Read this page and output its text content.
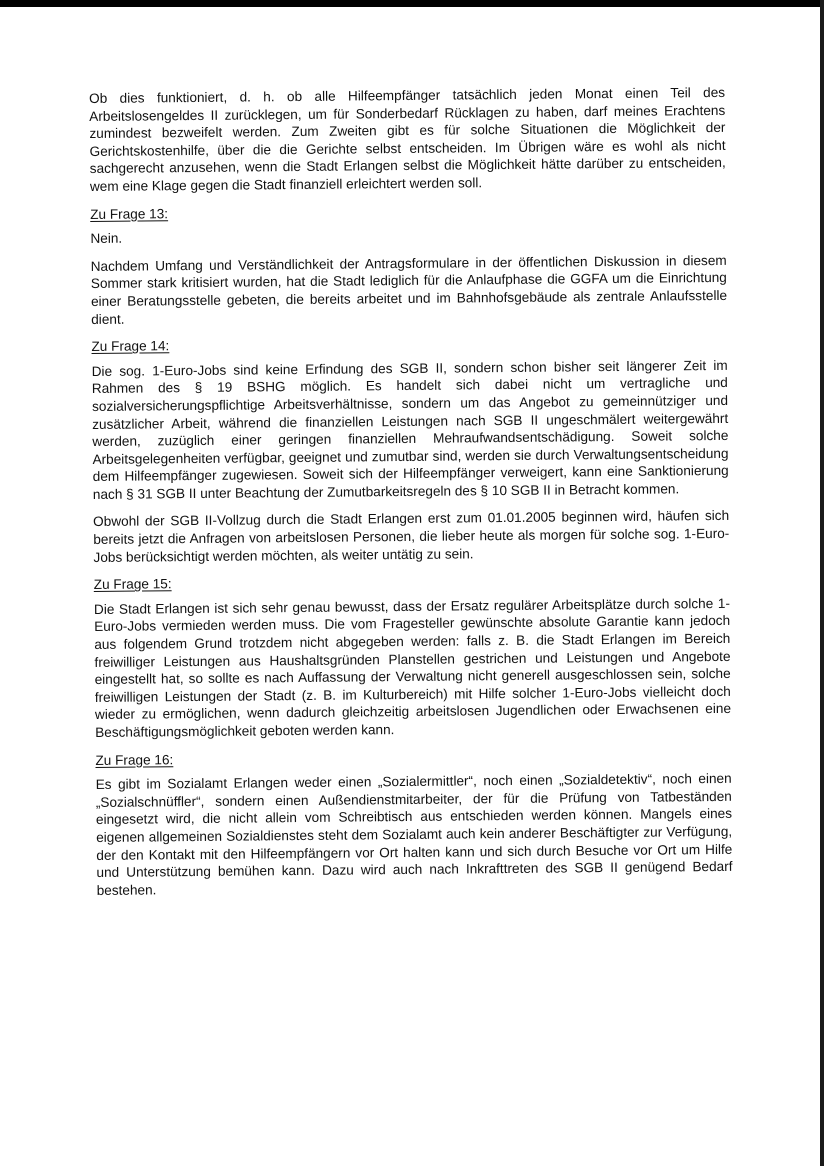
Ob dies funktioniert, d. h. ob alle Hilfeempfänger tatsächlich jeden Monat einen Teil des Arbeitslosengeldes II zurücklegen, um für Sonderbedarf Rücklagen zu haben, darf meines Erachtens zumindest bezweifelt werden. Zum Zweiten gibt es für solche Situationen die Möglichkeit der Gerichtskostenhilfe, über die die Gerichte selbst entscheiden. Im Übrigen wäre es wohl als nicht sachgerecht anzusehen, wenn die Stadt Erlangen selbst die Möglichkeit hätte darüber zu entscheiden, wem eine Klage gegen die Stadt finanziell erleichtert werden soll.

Zu Frage 13:

Nein.

Nachdem Umfang und Verständlichkeit der Antragsformulare in der öffentlichen Diskussion in diesem Sommer stark kritisiert wurden, hat die Stadt lediglich für die Anlaufphase die GGFA um die Einrichtung einer Beratungsstelle gebeten, die bereits arbeitet und im Bahnhofsgebäude als zentrale Anlaufsstelle dient.

Zu Frage 14:

Die sog. 1-Euro-Jobs sind keine Erfindung des SGB II, sondern schon bisher seit längerer Zeit im Rahmen des § 19 BSHG möglich. Es handelt sich dabei nicht um vertragliche und sozialversicherungspflichtige Arbeitsverhältnisse, sondern um das Angebot zu gemeinnütziger und zusätzlicher Arbeit, während die finanziellen Leistungen nach SGB II ungeschmälert weitergewährt werden, zuzüglich einer geringen finanziellen Mehraufwandsentschädigung. Soweit solche Arbeitsgelegenheiten verfügbar, geeignet und zumutbar sind, werden sie durch Verwaltungsentscheidung dem Hilfeempfänger zugewiesen. Soweit sich der Hilfeempfänger verweigert, kann eine Sanktionierung nach § 31 SGB II unter Beachtung der Zumutbarkeitsregeln des § 10 SGB II in Betracht kommen.

Obwohl der SGB II-Vollzug durch die Stadt Erlangen erst zum 01.01.2005 beginnen wird, häufen sich bereits jetzt die Anfragen von arbeitslosen Personen, die lieber heute als morgen für solche sog. 1-Euro-Jobs berücksichtigt werden möchten, als weiter untätig zu sein.

Zu Frage 15:

Die Stadt Erlangen ist sich sehr genau bewusst, dass der Ersatz regulärer Arbeitsplätze durch solche 1-Euro-Jobs vermieden werden muss. Die vom Fragesteller gewünschte absolute Garantie kann jedoch aus folgendem Grund trotzdem nicht abgegeben werden: falls z. B. die Stadt Erlangen im Bereich freiwilliger Leistungen aus Haushaltsgründen Planstellen gestrichen und Leistungen und Angebote eingestellt hat, so sollte es nach Auffassung der Verwaltung nicht generell ausgeschlossen sein, solche freiwilligen Leistungen der Stadt (z. B. im Kulturbereich) mit Hilfe solcher 1-Euro-Jobs vielleicht doch wieder zu ermöglichen, wenn dadurch gleichzeitig arbeitslosen Jugendlichen oder Erwachsenen eine Beschäftigungsmöglichkeit geboten werden kann.

Zu Frage 16:

Es gibt im Sozialamt Erlangen weder einen „Sozialermittler“, noch einen „Sozialdetektiv“, noch einen „Sozialschnüffler“, sondern einen Außendienstmitarbeiter, der für die Prüfung von Tatbeständen eingesetzt wird, die nicht allein vom Schreibtisch aus entschieden werden können. Mangels eines eigenen allgemeinen Sozialdienstes steht dem Sozialamt auch kein anderer Beschäftigter zur Verfügung, der den Kontakt mit den Hilfeempfängern vor Ort halten kann und sich durch Besuche vor Ort um Hilfe und Unterstützung bemühen kann. Dazu wird auch nach Inkrafttreten des SGB II genügend Bedarf bestehen.
